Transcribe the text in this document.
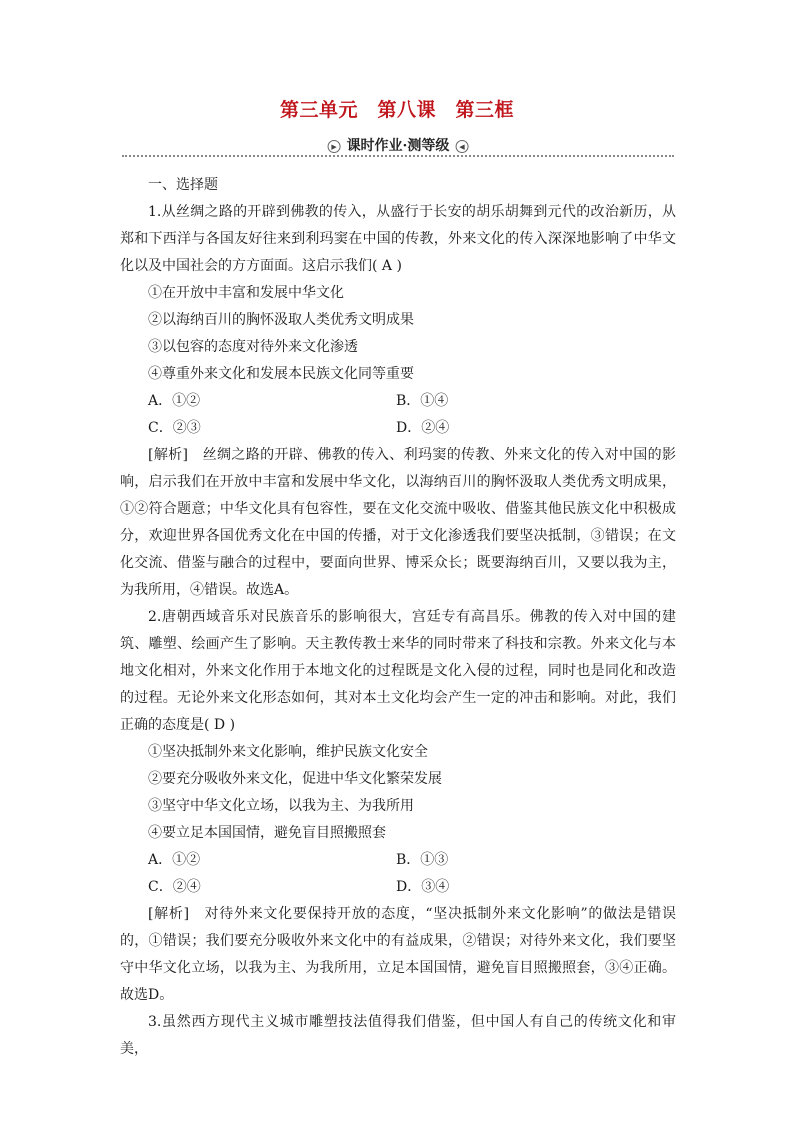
第三单元　第八课　第三框
▶ 课时作业·测等级 ◀

一、选择题

1.从丝绸之路的开辟到佛教的传入，从盛行于长安的胡乐胡舞到元代的改治新历，从郑和下西洋与各国友好往来到利玛窦在中国的传教，外来文化的传入深深地影响了中华文化以及中国社会的方方面面。这启示我们( A )

①在开放中丰富和发展中华文化

②以海纳百川的胸怀汲取人类优秀文明成果

③以包容的态度对待外来文化渗透

④尊重外来文化和发展本民族文化同等重要

A．①②	B．①④
C．②③	D．②④

[解析]　丝绸之路的开辟、佛教的传入、利玛窦的传教、外来文化的传入对中国的影响，启示我们在开放中丰富和发展中华文化，以海纳百川的胸怀汲取人类优秀文明成果，①②符合题意；中华文化具有包容性，要在文化交流中吸收、借鉴其他民族文化中积极成分，欢迎世界各国优秀文化在中国的传播，对于文化渗透我们要坚决抵制，③错误；在文化交流、借鉴与融合的过程中，要面向世界、博采众长；既要海纳百川，又要以我为主，为我所用，④错误。故选A。

2.唐朝西域音乐对民族音乐的影响很大，宫廷专有高昌乐。佛教的传入对中国的建筑、雕塑、绘画产生了影响。天主教传教士来华的同时带来了科技和宗教。外来文化与本地文化相对，外来文化作用于本地文化的过程既是文化入侵的过程，同时也是同化和改造的过程。无论外来文化形态如何，其对本土文化均会产生一定的冲击和影响。对此，我们正确的态度是( D )

①坚决抵制外来文化影响，维护民族文化安全

②要充分吸收外来文化，促进中华文化繁荣发展

③坚守中华文化立场，以我为主、为我所用

④要立足本国国情，避免盲目照搬照套

A．①②	B．①③
C．②④	D．③④

[解析]　对待外来文化要保持开放的态度，“坚决抵制外来文化影响”的做法是错误的，①错误；我们要充分吸收外来文化中的有益成果，②错误；对待外来文化，我们要坚守中华文化立场，以我为主、为我所用，立足本国国情，避免盲目照搬照套，③④正确。故选D。

3.虽然西方现代主义城市雕塑技法值得我们借鉴，但中国人有自己的传统文化和审美，
